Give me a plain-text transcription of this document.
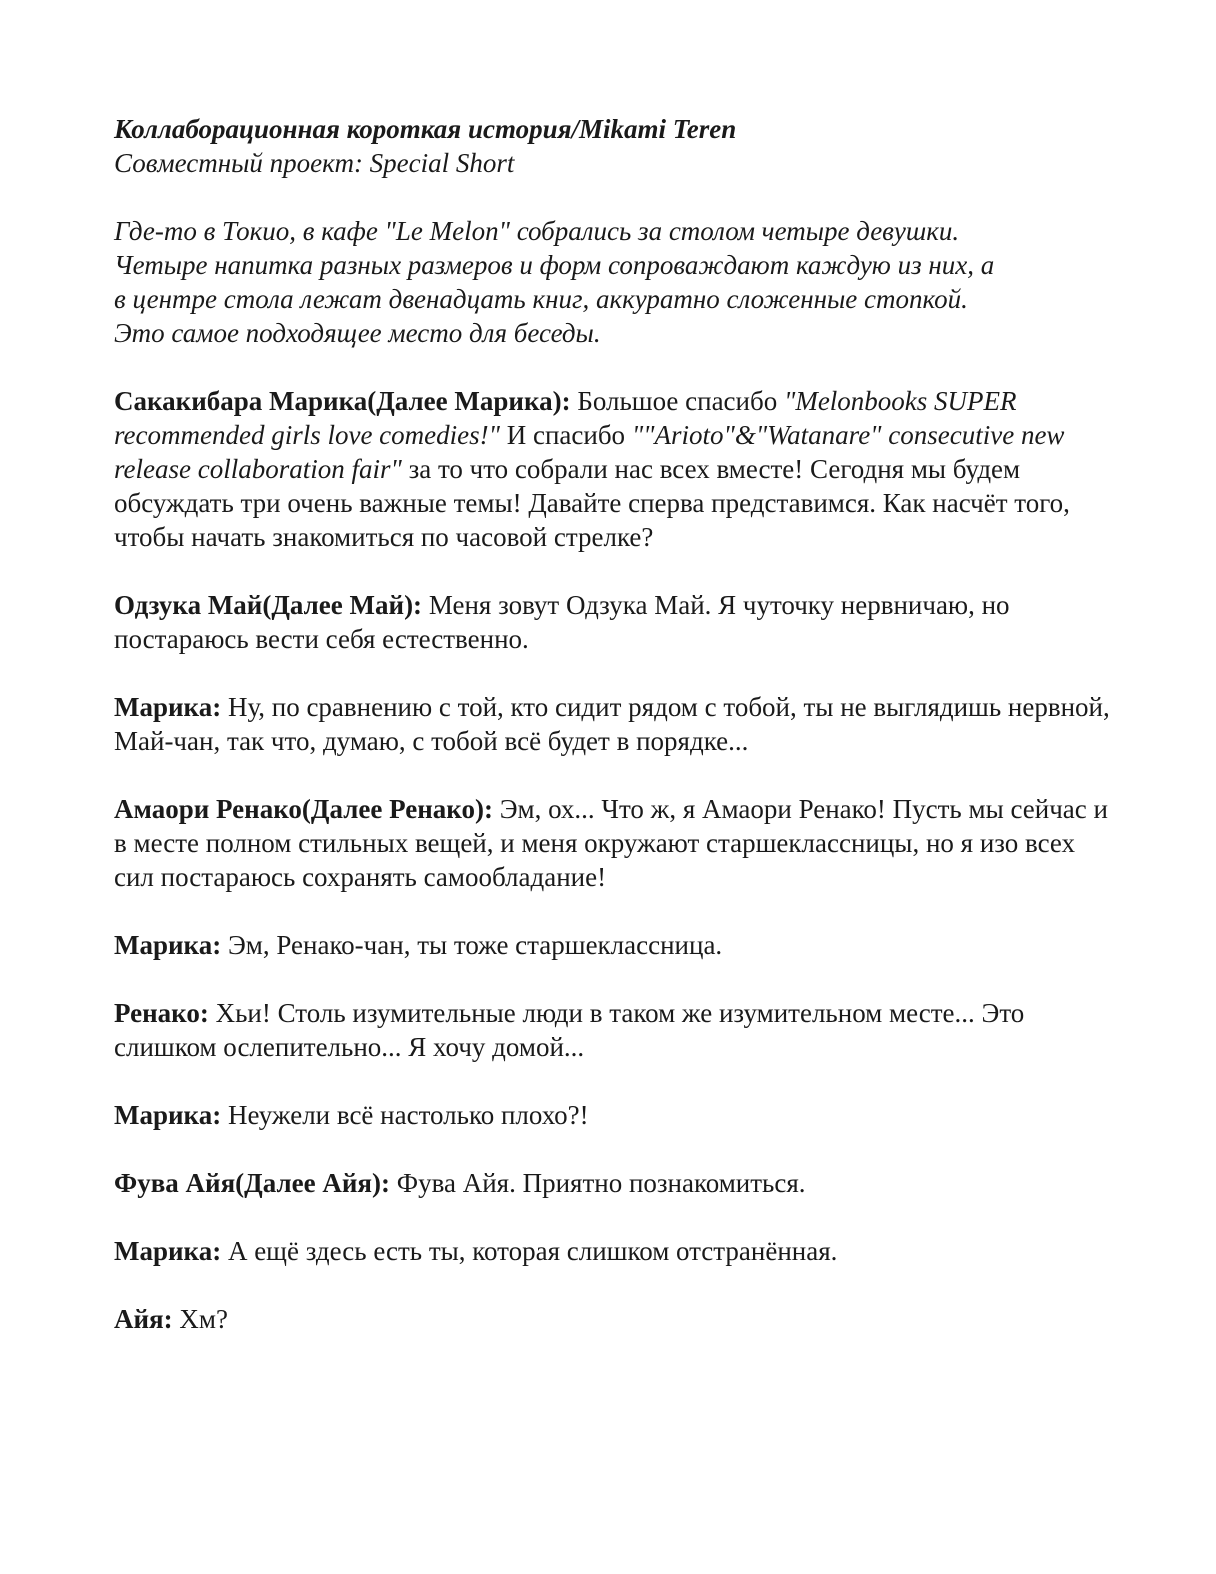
Коллаборационная короткая история/Mikami Teren
Совместный проект: Special Short
Где-то в Токио, в кафе "Le Melon" собрались за столом четыре девушки.
Четыре напитка разных размеров и форм сопроваждают каждую из них, а
в центре стола лежат двенадцать книг, аккуратно сложенные стопкой.
Это самое подходящее место для беседы.

Сакакибара Марика(Далее Марика): Большое спасибо "Melonbooks SUPER recommended girls love comedies!" И спасибо ""Arioto"&"Watanare" consecutive new release collaboration fair" за то что собрали нас всех вместе! Сегодня мы будем обсуждать три очень важные темы! Давайте сперва представимся. Как насчёт того, чтобы начать знакомиться по часовой стрелке?

Одзука Май(Далее Май): Меня зовут Одзука Май. Я чуточку нервничаю, но постараюсь вести себя естественно.

Марика: Ну, по сравнению с той, кто сидит рядом с тобой, ты не выглядишь нервной, Май-чан, так что, думаю, с тобой всё будет в порядке...

Амаори Ренако(Далее Ренако): Эм, ох... Что ж, я Амаори Ренако! Пусть мы сейчас и в месте полном стильных вещей, и меня окружают старшеклассницы, но я изо всех сил постараюсь сохранять самообладание!

Марика: Эм, Ренако-чан, ты тоже старшеклассница.

Ренако: Хьи! Столь изумительные люди в таком же изумительном месте... Это слишком ослепительно... Я хочу домой...

Марика: Неужели всё настолько плохо?!

Фува Айя(Далее Айя): Фува Айя. Приятно познакомиться.

Марика: А ещё здесь есть ты, которая слишком отстранённая.

Айя: Хм?
